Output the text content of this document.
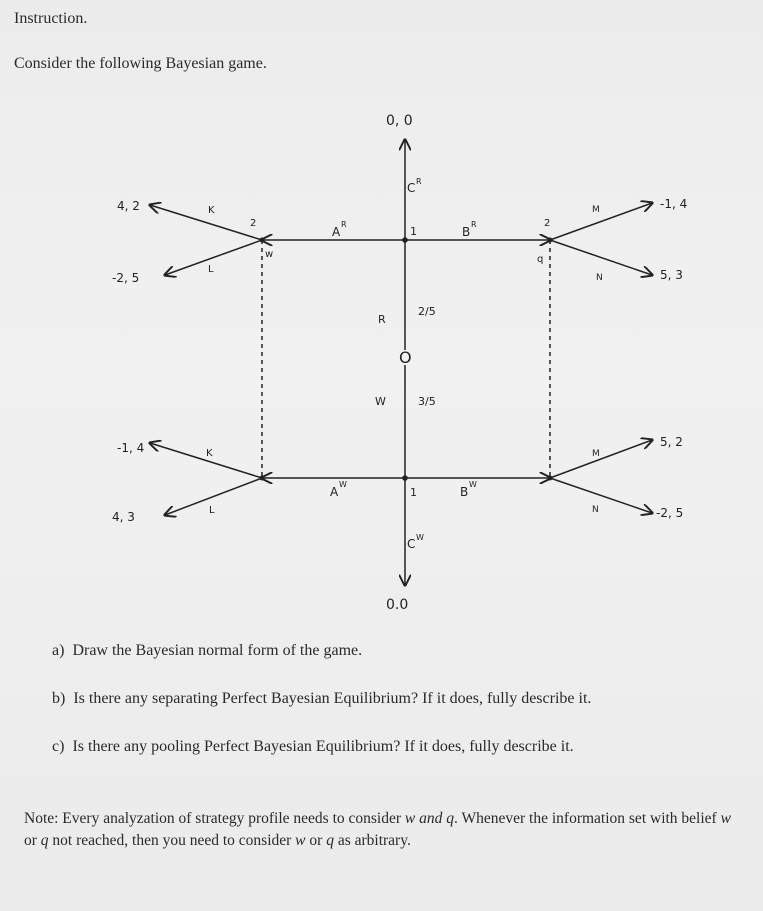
Instruction.
Consider the following Bayesian game.
0, 0
0.0
C R
C W
A
R
B
R
A
W
B
W
1
1
O
R
W
2/5
3/5
2
w
2
q
4, 2
-2, 5
K
L
-1, 4
4, 3
K
L
-1, 4
5, 3
M
N
5, 2
-2, 5
M
N
a) Draw the Bayesian normal form of the game.
b) Is there any separating Perfect Bayesian Equilibrium? If it does, fully describe it.
c) Is there any pooling Perfect Bayesian Equilibrium? If it does, fully describe it.
Note: Every analyzation of strategy profile needs to consider w and q. Whenever the information set with belief w or q not reached, then you need to consider w or q as arbitrary.
